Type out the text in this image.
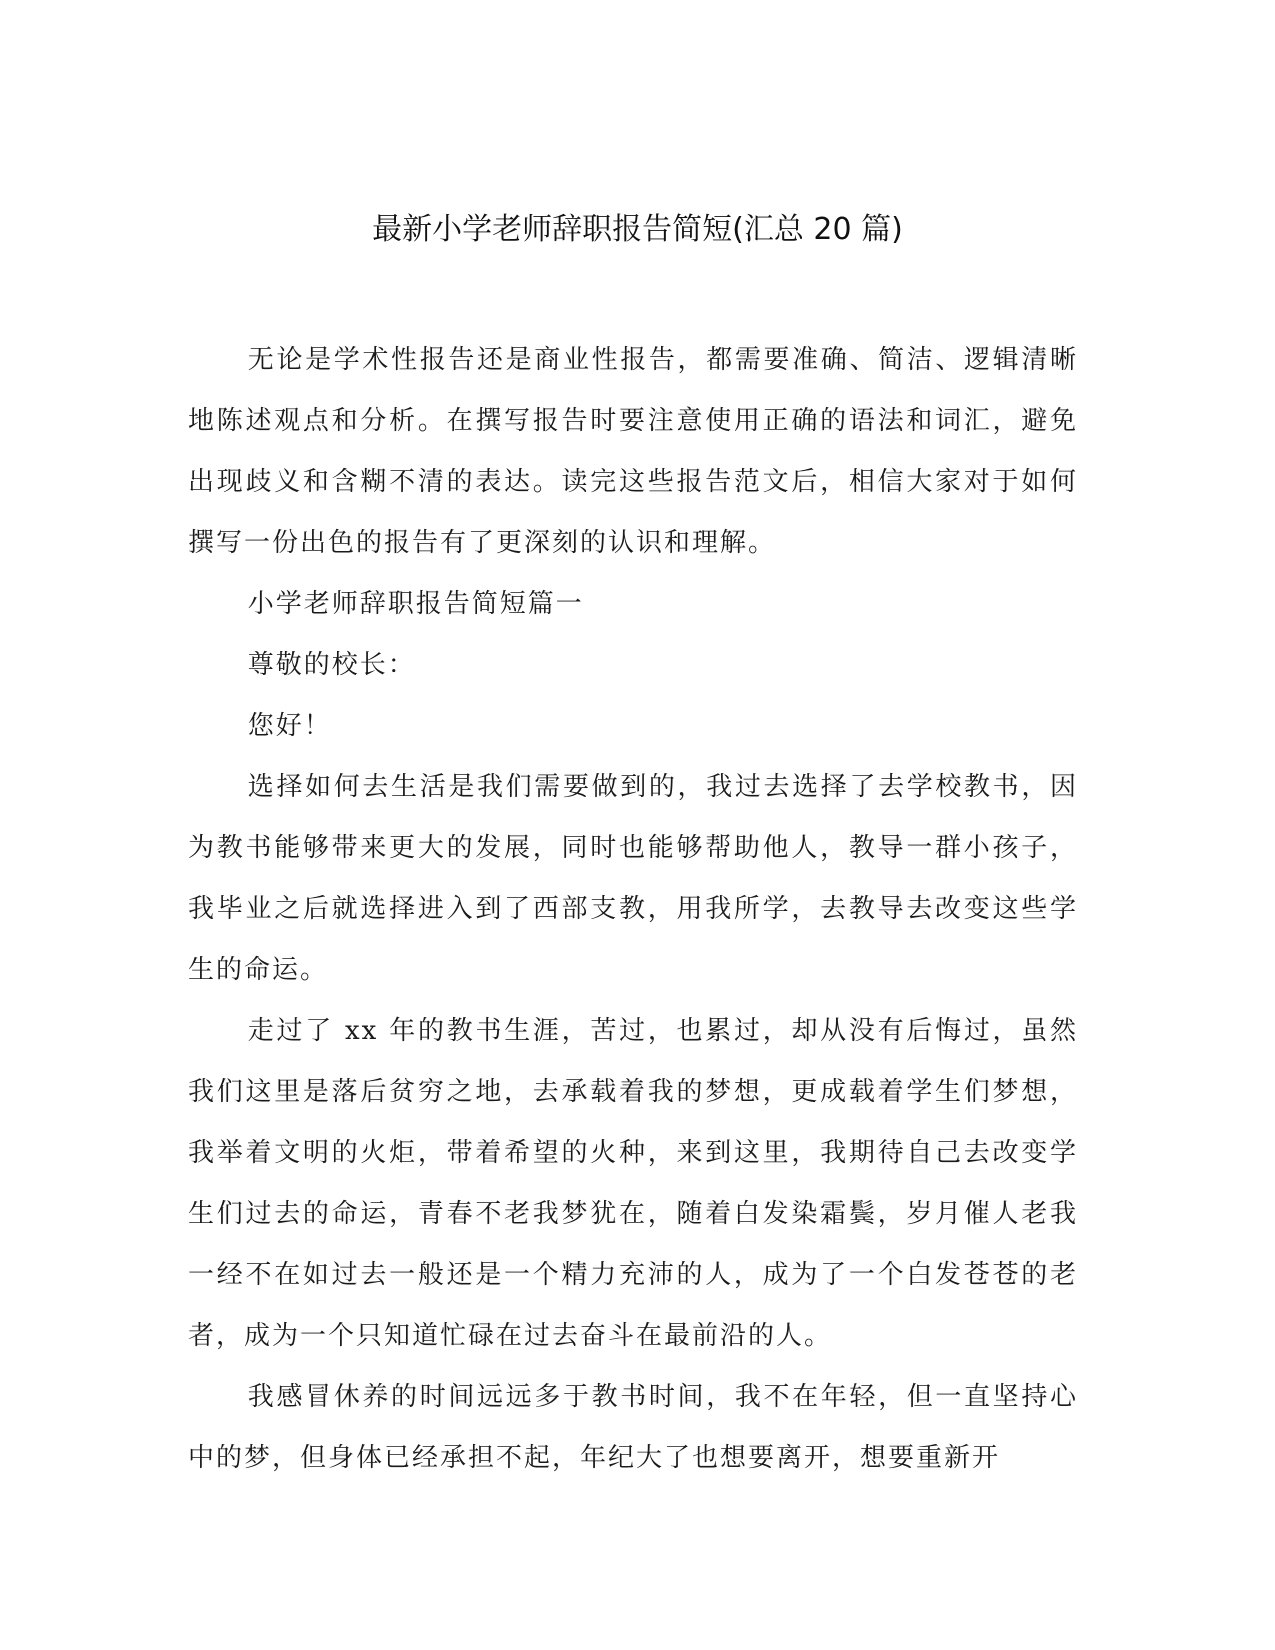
最新小学老师辞职报告简短(汇总 20 篇)

无论是学术性报告还是商业性报告，都需要准确、简洁、逻辑清晰地陈述观点和分析。在撰写报告时要注意使用正确的语法和词汇，避免出现歧义和含糊不清的表达。读完这些报告范文后，相信大家对于如何撰写一份出色的报告有了更深刻的认识和理解。

小学老师辞职报告简短篇一

尊敬的校长：

您好！

选择如何去生活是我们需要做到的，我过去选择了去学校教书，因为教书能够带来更大的发展，同时也能够帮助他人，教导一群小孩子，我毕业之后就选择进入到了西部支教，用我所学，去教导去改变这些学生的命运。

走过了 xx 年的教书生涯，苦过，也累过，却从没有后悔过，虽然我们这里是落后贫穷之地，去承载着我的梦想，更成载着学生们梦想，我举着文明的火炬，带着希望的火种，来到这里，我期待自己去改变学生们过去的命运，青春不老我梦犹在，随着白发染霜鬓，岁月催人老我一经不在如过去一般还是一个精力充沛的人，成为了一个白发苍苍的老者，成为一个只知道忙碌在过去奋斗在最前沿的人。

我感冒休养的时间远远多于教书时间，我不在年轻，但一直坚持心中的梦，但身体已经承担不起，年纪大了也想要离开，想要重新开
